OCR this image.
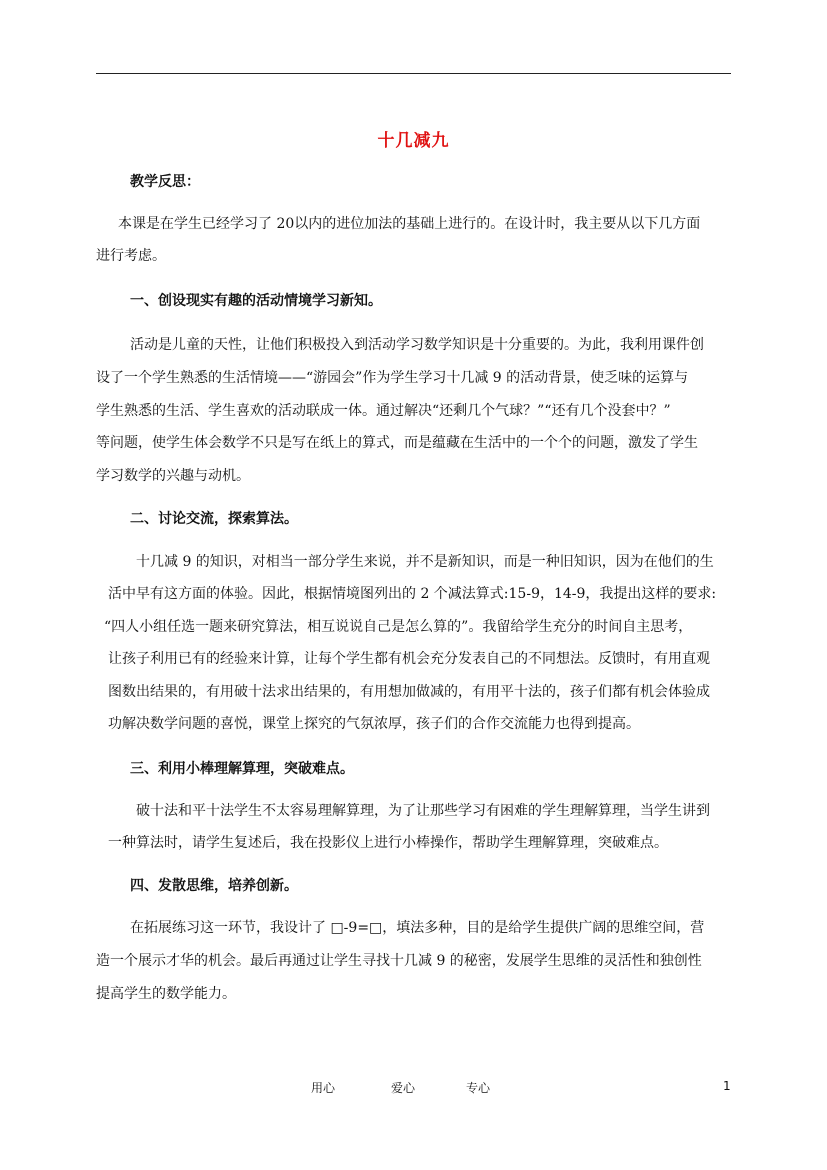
十几减九
教学反思：
本课是在学生已经学习了 20以内的进位加法的基础上进行的。在设计时，我主要从以下几方面
进行考虑。
一、创设现实有趣的活动情境学习新知。
活动是儿童的天性，让他们积极投入到活动学习数学知识是十分重要的。为此，我利用课件创
设了一个学生熟悉的生活情境——“游园会”作为学生学习十几减 9 的活动背景，使乏味的运算与
学生熟悉的生活、学生喜欢的活动联成一体。通过解决“还剩几个气球？”“还有几个没套中？”
等问题，使学生体会数学不只是写在纸上的算式，而是蕴藏在生活中的一个个的问题，激发了学生
学习数学的兴趣与动机。
二、讨论交流，探索算法。
十几减 9 的知识，对相当一部分学生来说，并不是新知识，而是一种旧知识，因为在他们的生
活中早有这方面的体验。因此，根据情境图列出的 2 个减法算式:15-9，14-9，我提出这样的要求:
“四人小组任选一题来研究算法，相互说说自己是怎么算的”。我留给学生充分的时间自主思考，
让孩子利用已有的经验来计算，让每个学生都有机会充分发表自己的不同想法。反馈时，有用直观
图数出结果的，有用破十法求出结果的，有用想加做减的，有用平十法的，孩子们都有机会体验成
功解决数学问题的喜悦，课堂上探究的气氛浓厚，孩子们的合作交流能力也得到提高。
三、利用小棒理解算理，突破难点。
破十法和平十法学生不太容易理解算理，为了让那些学习有困难的学生理解算理，当学生讲到
一种算法时，请学生复述后，我在投影仪上进行小棒操作，帮助学生理解算理，突破难点。
四、发散思维，培养创新。
在拓展练习这一环节，我设计了 □-9=□，填法多种，目的是给学生提供广阔的思维空间，营
造一个展示才华的机会。最后再通过让学生寻找十几减 9 的秘密，发展学生思维的灵活性和独创性
提高学生的数学能力。
用心	爱心	专心	1
